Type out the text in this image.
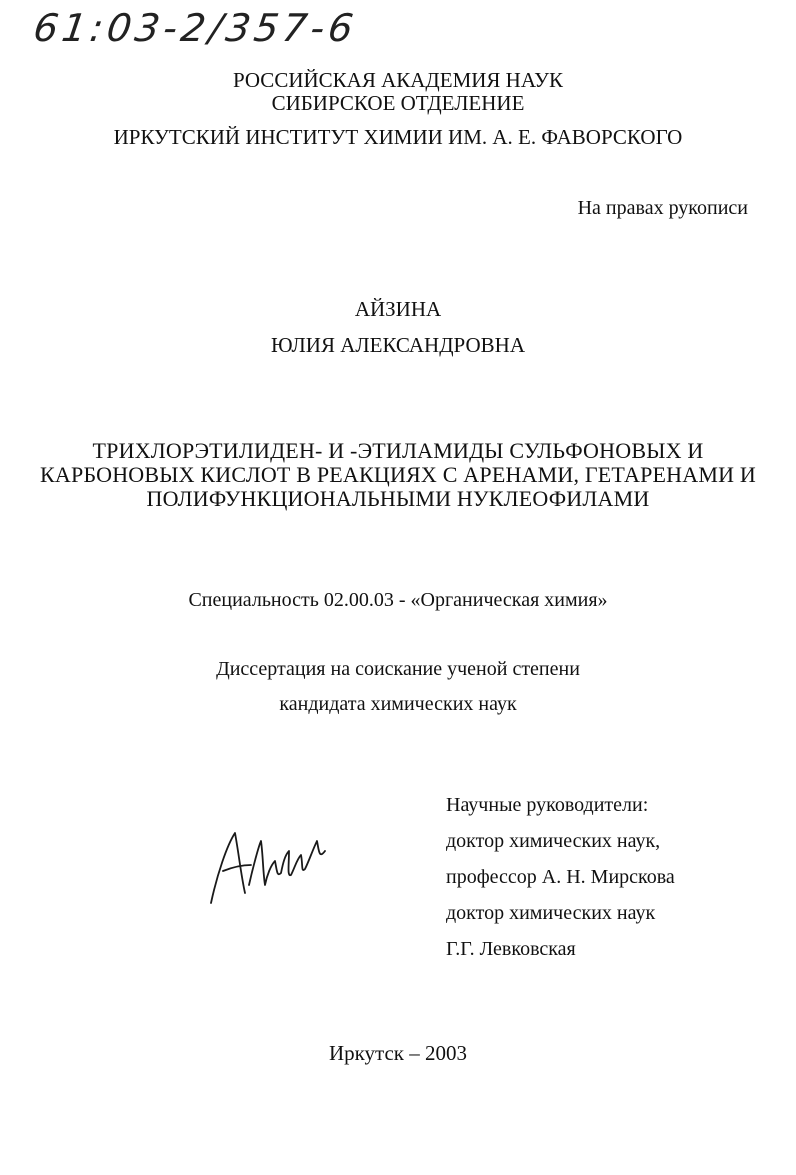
61:03-2/357-6
РОССИЙСКАЯ АКАДЕМИЯ НАУК
СИБИРСКОЕ ОТДЕЛЕНИЕ
ИРКУТСКИЙ ИНСТИТУТ ХИМИИ ИМ. А. Е. ФАВОРСКОГО
На правах рукописи
АЙЗИНА
ЮЛИЯ АЛЕКСАНДРОВНА
ТРИХЛОРЭТИЛИДЕН- И -ЭТИЛАМИДЫ СУЛЬФОНОВЫХ И
КАРБОНОВЫХ КИСЛОТ В РЕАКЦИЯХ С АРЕНАМИ, ГЕТАРЕНАМИ И
ПОЛИФУНКЦИОНАЛЬНЫМИ НУКЛЕОФИЛАМИ
Специальность 02.00.03 - «Органическая химия»
Диссертация на соискание ученой степени
кандидата химических наук
Научные руководители:
доктор химических наук,
профессор А. Н. Мирскова
доктор химических наук
Г.Г. Левковская
Иркутск – 2003
